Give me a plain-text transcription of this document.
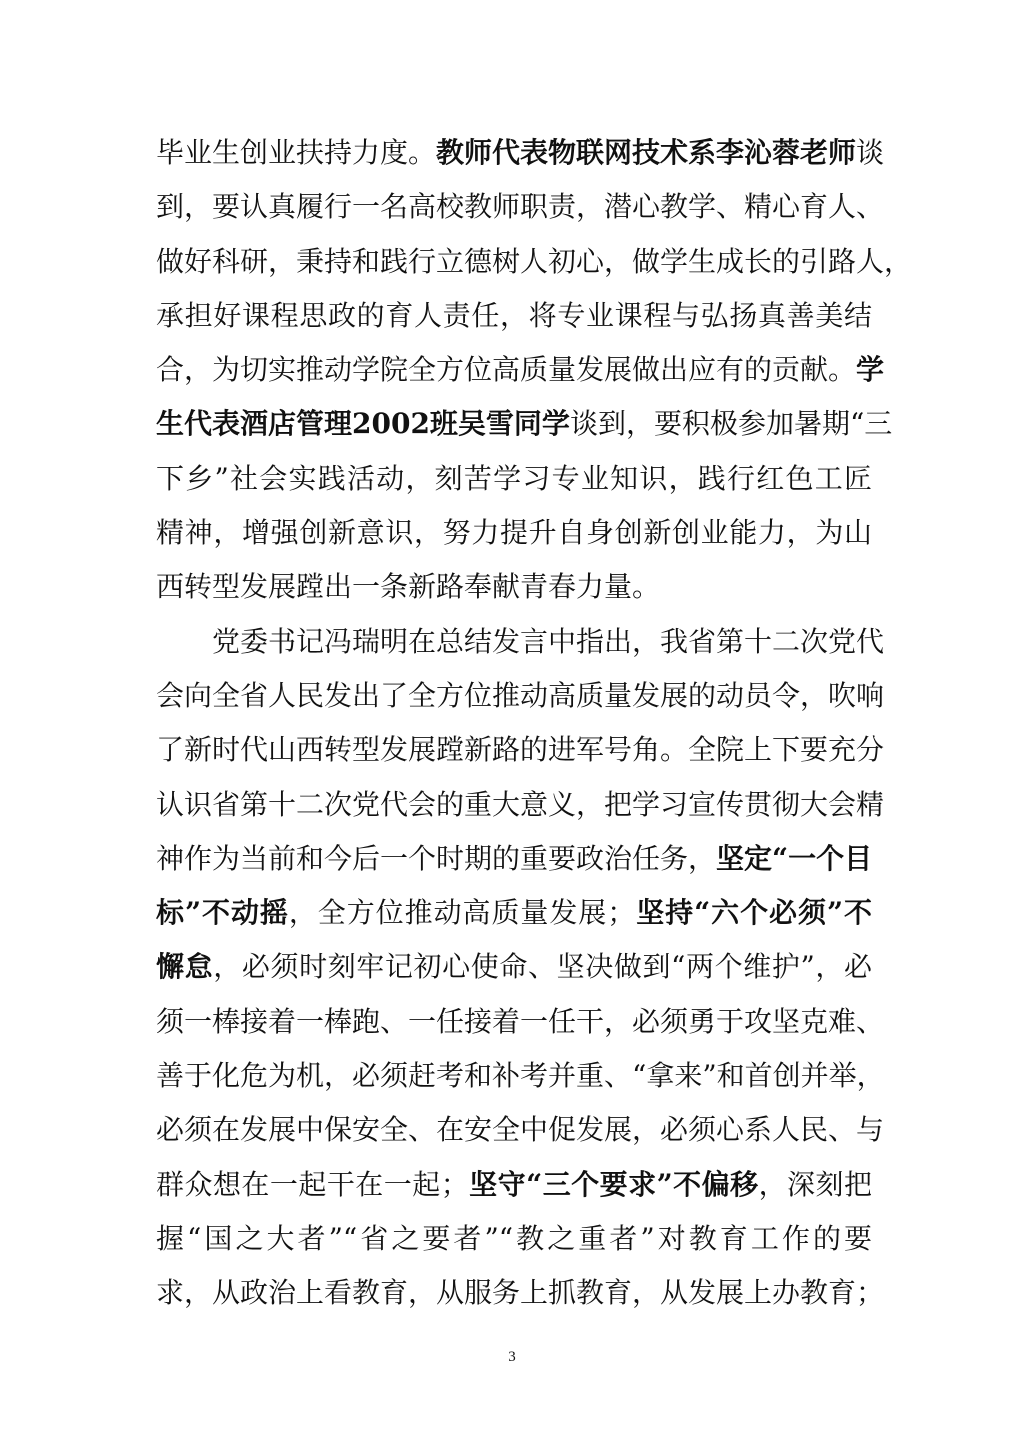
毕业生创业扶持力度。教师代表物联网技术系李沁蓉老师谈
到，要认真履行一名高校教师职责，潜心教学、精心育人、
做好科研，秉持和践行立德树人初心，做学生成长的引路人，
承担好课程思政的育人责任，将专业课程与弘扬真善美结
合，为切实推动学院全方位高质量发展做出应有的贡献。学
生代表酒店管理2002班吴雪同学谈到，要积极参加暑期“三
下乡”社会实践活动，刻苦学习专业知识，践行红色工匠
精神，增强创新意识，努力提升自身创新创业能力，为山
西转型发展蹚出一条新路奉献青春力量。
党委书记冯瑞明在总结发言中指出，我省第十二次党代
会向全省人民发出了全方位推动高质量发展的动员令，吹响
了新时代山西转型发展蹚新路的进军号角。全院上下要充分
认识省第十二次党代会的重大意义，把学习宣传贯彻大会精
神作为当前和今后一个时期的重要政治任务，坚定“一个目
标”不动摇，全方位推动高质量发展；坚持“六个必须”不
懈怠，必须时刻牢记初心使命、坚决做到“两个维护”，必
须一棒接着一棒跑、一任接着一任干，必须勇于攻坚克难、
善于化危为机，必须赶考和补考并重、“拿来”和首创并举，
必须在发展中保安全、在安全中促发展，必须心系人民、与
群众想在一起干在一起；坚守“三个要求”不偏移，深刻把
握“国之大者”“省之要者”“教之重者”对教育工作的要
求，从政治上看教育，从服务上抓教育，从发展上办教育；
3
